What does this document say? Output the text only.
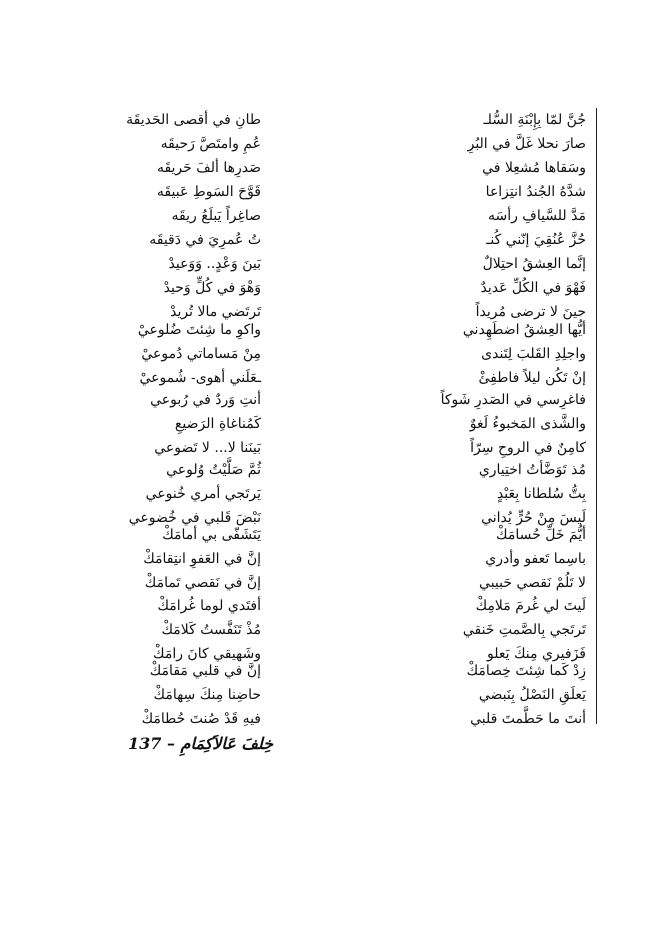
جُنَّ لمّا بِإِبْنَةِ السُّلـ
طانِ في أقصى الحَديقَة
صارَ نحلا غَلَّ في البُرِ
عُمِ وامتَصَّ رَحيقَه
وسَقاها مُشعِلا في
صَدرِها ألفَ حَريقَه
شدَّهُ الجُندُ انتِزاعا
قَوَّحَ السَوطِ عَبيقَه
مَدَّ للسَّيافِ رأسَه
صاغِراً يَبلَعُ ريقَه
حُزَّ عُنُقِيَ إنّني كُنـ
تُ عُمرِيَ في دَقيقَه
إنَّما العِشقُ احتِلالٌ
بَينَ وَعْدٍ.. وَوَعيدْ
فَهْوَ في الكُلِّ عَديدٌ
وَهْوَ في كُلٍّ وَحيدْ
حينَ لا ترضى مُريداً
تَرتَضي مالا تُريدْ
أيُّها العِشقُ اضطَهِدني
واكوِ ما شِئتَ ضُلوعيْ
واجلِدِ القَلبَ لِتَندى
مِنْ مَساماتي دُموعيْ
إنْ تَكُن ليلاً فاطفِئْ
ـعَلَني أهوى- شُموعيْ
فاغرِسي في الصَدرِ شَوكاً
أنتِ وَردٌ في رُبوعي
والشَّذى المَخبوءُ لَغوٌ
كَمُناغاةِ الرَضيعِ
كامِنٌ في الروحِ سِرّاً
بَينَنا لا... لا تَضوعي
مُذ تَوَضَّأتُ اختِياري
ثُمَّ صَلَّيْتُ وُلوعي
بِتُّ سُلطانا بِعَبْدٍ
يَرتَجي أمري خُنوعي
لَيسَ مِنْ حُرٍّ يُداني
نَبْضَ قَلبي في خُضوعي
أيُّمَ خَلِّ حُسامَكْ
يَتَشَفّى بي أمامَكْ
باسِما تَعفو وأدري
إنَّ في العَفوِ انتِقامَكْ
لا تَلُمْ نَقصي حَبيبي
إنَّ في نَقصي تَمامَكْ
لَيتَ لي غُرمَ مَلامِكْ
أفتَدي لوما غُرامَكْ
تَرتَجي بِالصَّمتِ خَنقي
مُذْ تَنَفَّستُ كَلامَكْ
فَزَفيري مِنكَ يَعلو
وشَهيقي كانَ رامَكْ
زِدْ كَما شِئتَ خِصامَكْ
إنَّ في قلبي مَقامَكْ
يَعلَقِ النَصْلُ بِنَبضي
حاضِنا مِنكَ سِهامَكْ
أنتَ ما حَطَّمتَ قلبي
فيهِ قَدْ صُنتَ حُطامَكْ
خِلفَ عَالاَكِمَامِ – 137
